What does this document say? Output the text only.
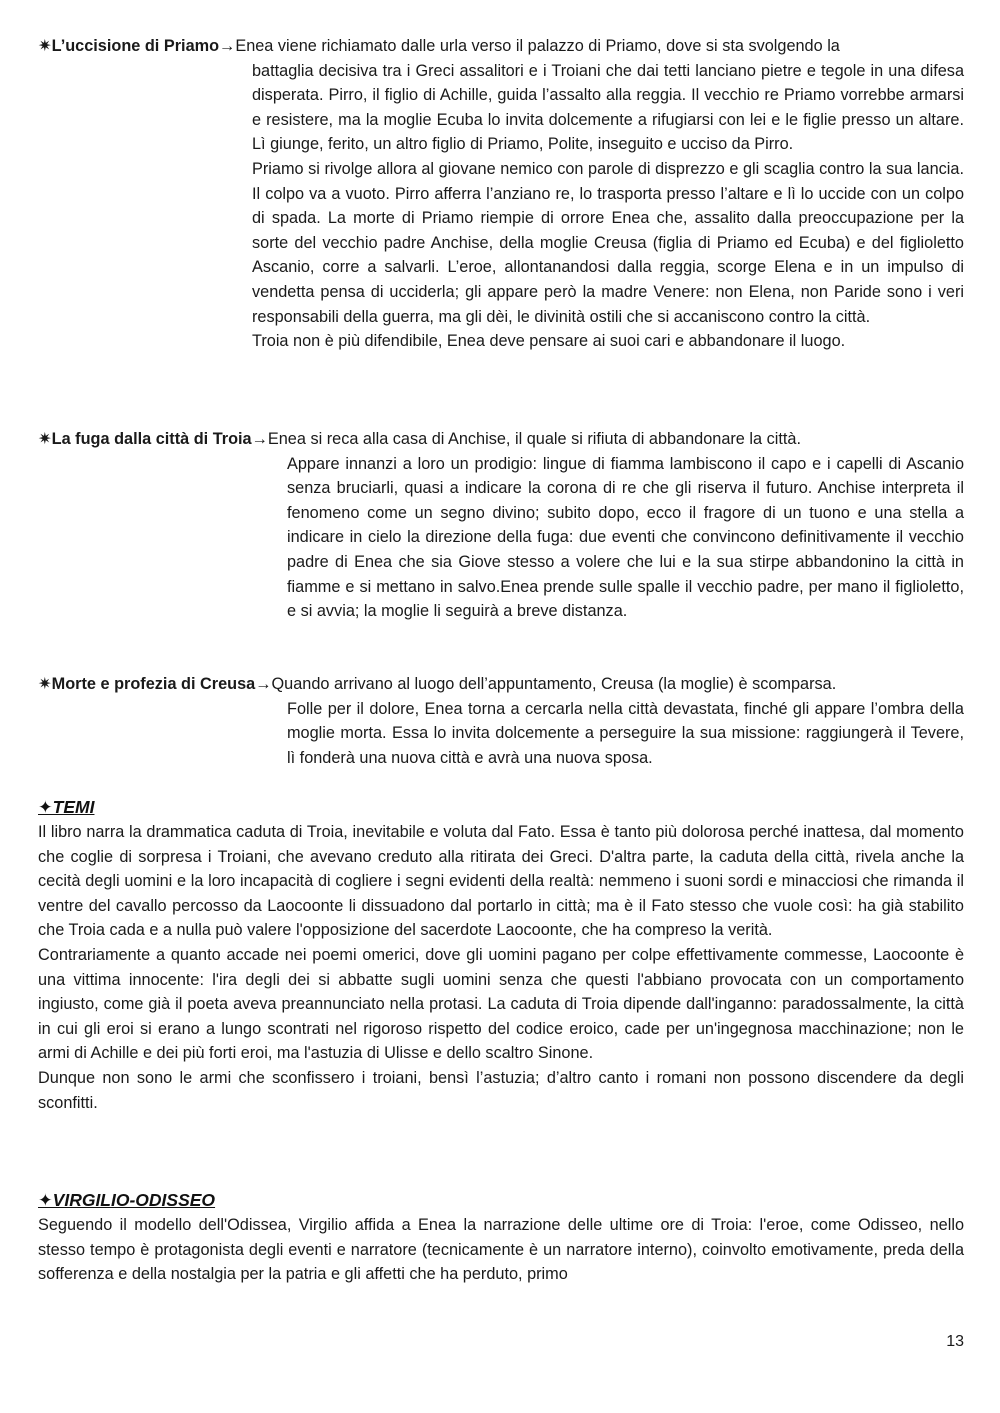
✷L’uccisione di Priamo→Enea viene richiamato dalle urla verso il palazzo di Priamo, dove si sta svolgendo la
battaglia decisiva tra i Greci assalitori e i Troiani che dai tetti lanciano pietre e tegole in una difesa disperata. Pirro, il figlio di Achille, guida l’assalto alla reggia. Il vecchio re Priamo vorrebbe armarsi e resistere, ma la moglie Ecuba lo invita dolcemente a rifugiarsi con lei e le figlie presso un altare. Lì giunge, ferito, un altro figlio di Priamo, Polite, inseguito e ucciso da Pirro.
Priamo si rivolge allora al giovane nemico con parole di disprezzo e gli scaglia contro la sua lancia. Il colpo va a vuoto. Pirro afferra l’anziano re, lo trasporta presso l’altare e lì lo uccide con un colpo di spada. La morte di Priamo riempie di orrore Enea che, assalito dalla preoccupazione per la sorte del vecchio padre Anchise, della moglie Creusa (figlia di Priamo ed Ecuba) e del figlioletto Ascanio, corre a salvarli. L’eroe, allontanandosi dalla reggia, scorge Elena e in un impulso di vendetta pensa di ucciderla; gli appare però la madre Venere: non Elena, non Paride sono i veri responsabili della guerra, ma gli dèi, le divinità ostili che si accaniscono contro la città.
Troia non è più difendibile, Enea deve pensare ai suoi cari e abbandonare il luogo.
✷La fuga dalla città di Troia→Enea si reca alla casa di Anchise, il quale si rifiuta di abbandonare la città.
Appare innanzi a loro un prodigio: lingue di fiamma lambiscono il capo e i capelli di Ascanio senza bruciarli, quasi a indicare la corona di re che gli riserva il futuro. Anchise interpreta il fenomeno come un segno divino; subito dopo, ecco il fragore di un tuono e una stella a indicare in cielo la direzione della fuga: due eventi che convincono definitivamente il vecchio padre di Enea che sia Giove stesso a volere che lui e la sua stirpe abbandonino la città in fiamme e si mettano in salvo.Enea prende sulle spalle il vecchio padre, per mano il figlioletto, e si avvia; la moglie li seguirà a breve distanza.
✷Morte e profezia di Creusa→Quando arrivano al luogo dell’appuntamento, Creusa (la moglie) è scomparsa.
Folle per il dolore, Enea torna a cercarla nella città devastata, finché gli appare l’ombra della moglie morta. Essa lo invita dolcemente a perseguire la sua missione: raggiungerà il Tevere, lì fonderà una nuova città e avrà una nuova sposa.
✦TEMI
Il libro narra la drammatica caduta di Troia, inevitabile e voluta dal Fato. Essa è tanto più dolorosa perché inattesa, dal momento che coglie di sorpresa i Troiani, che avevano creduto alla ritirata dei Greci. D'altra parte, la caduta della città, rivela anche la cecità degli uomini e la loro incapacità di cogliere i segni evidenti della realtà: nemmeno i suoni sordi e minacciosi che rimanda il ventre del cavallo percosso da Laocoonte li dissuadono dal portarlo in città; ma è il Fato stesso che vuole così: ha già stabilito che Troia cada e a nulla può valere l'opposizione del sacerdote Laocoonte, che ha compreso la verità.
Contrariamente a quanto accade nei poemi omerici, dove gli uomini pagano per colpe effettivamente commesse, Laocoonte è una vittima innocente: l'ira degli dei si abbatte sugli uomini senza che questi l'abbiano provocata con un comportamento ingiusto, come già il poeta aveva preannunciato nella protasi. La caduta di Troia dipende dall'inganno: paradossalmente, la città in cui gli eroi si erano a lungo scontrati nel rigoroso rispetto del codice eroico, cade per un'ingegnosa macchinazione; non le armi di Achille e dei più forti eroi, ma l'astuzia di Ulisse e dello scaltro Sinone.
Dunque non sono le armi che sconfissero i troiani, bensì l’astuzia; d’altro canto i romani non possono discendere da degli sconfitti.
✦VIRGILIO-ODISSEO
Seguendo il modello dell'Odissea, Virgilio affida a Enea la narrazione delle ultime ore di Troia: l'eroe, come Odisseo, nello stesso tempo è protagonista degli eventi e narratore (tecnicamente è un narratore interno), coinvolto emotivamente, preda della sofferenza e della nostalgia per la patria e gli affetti che ha perduto, primo
13
